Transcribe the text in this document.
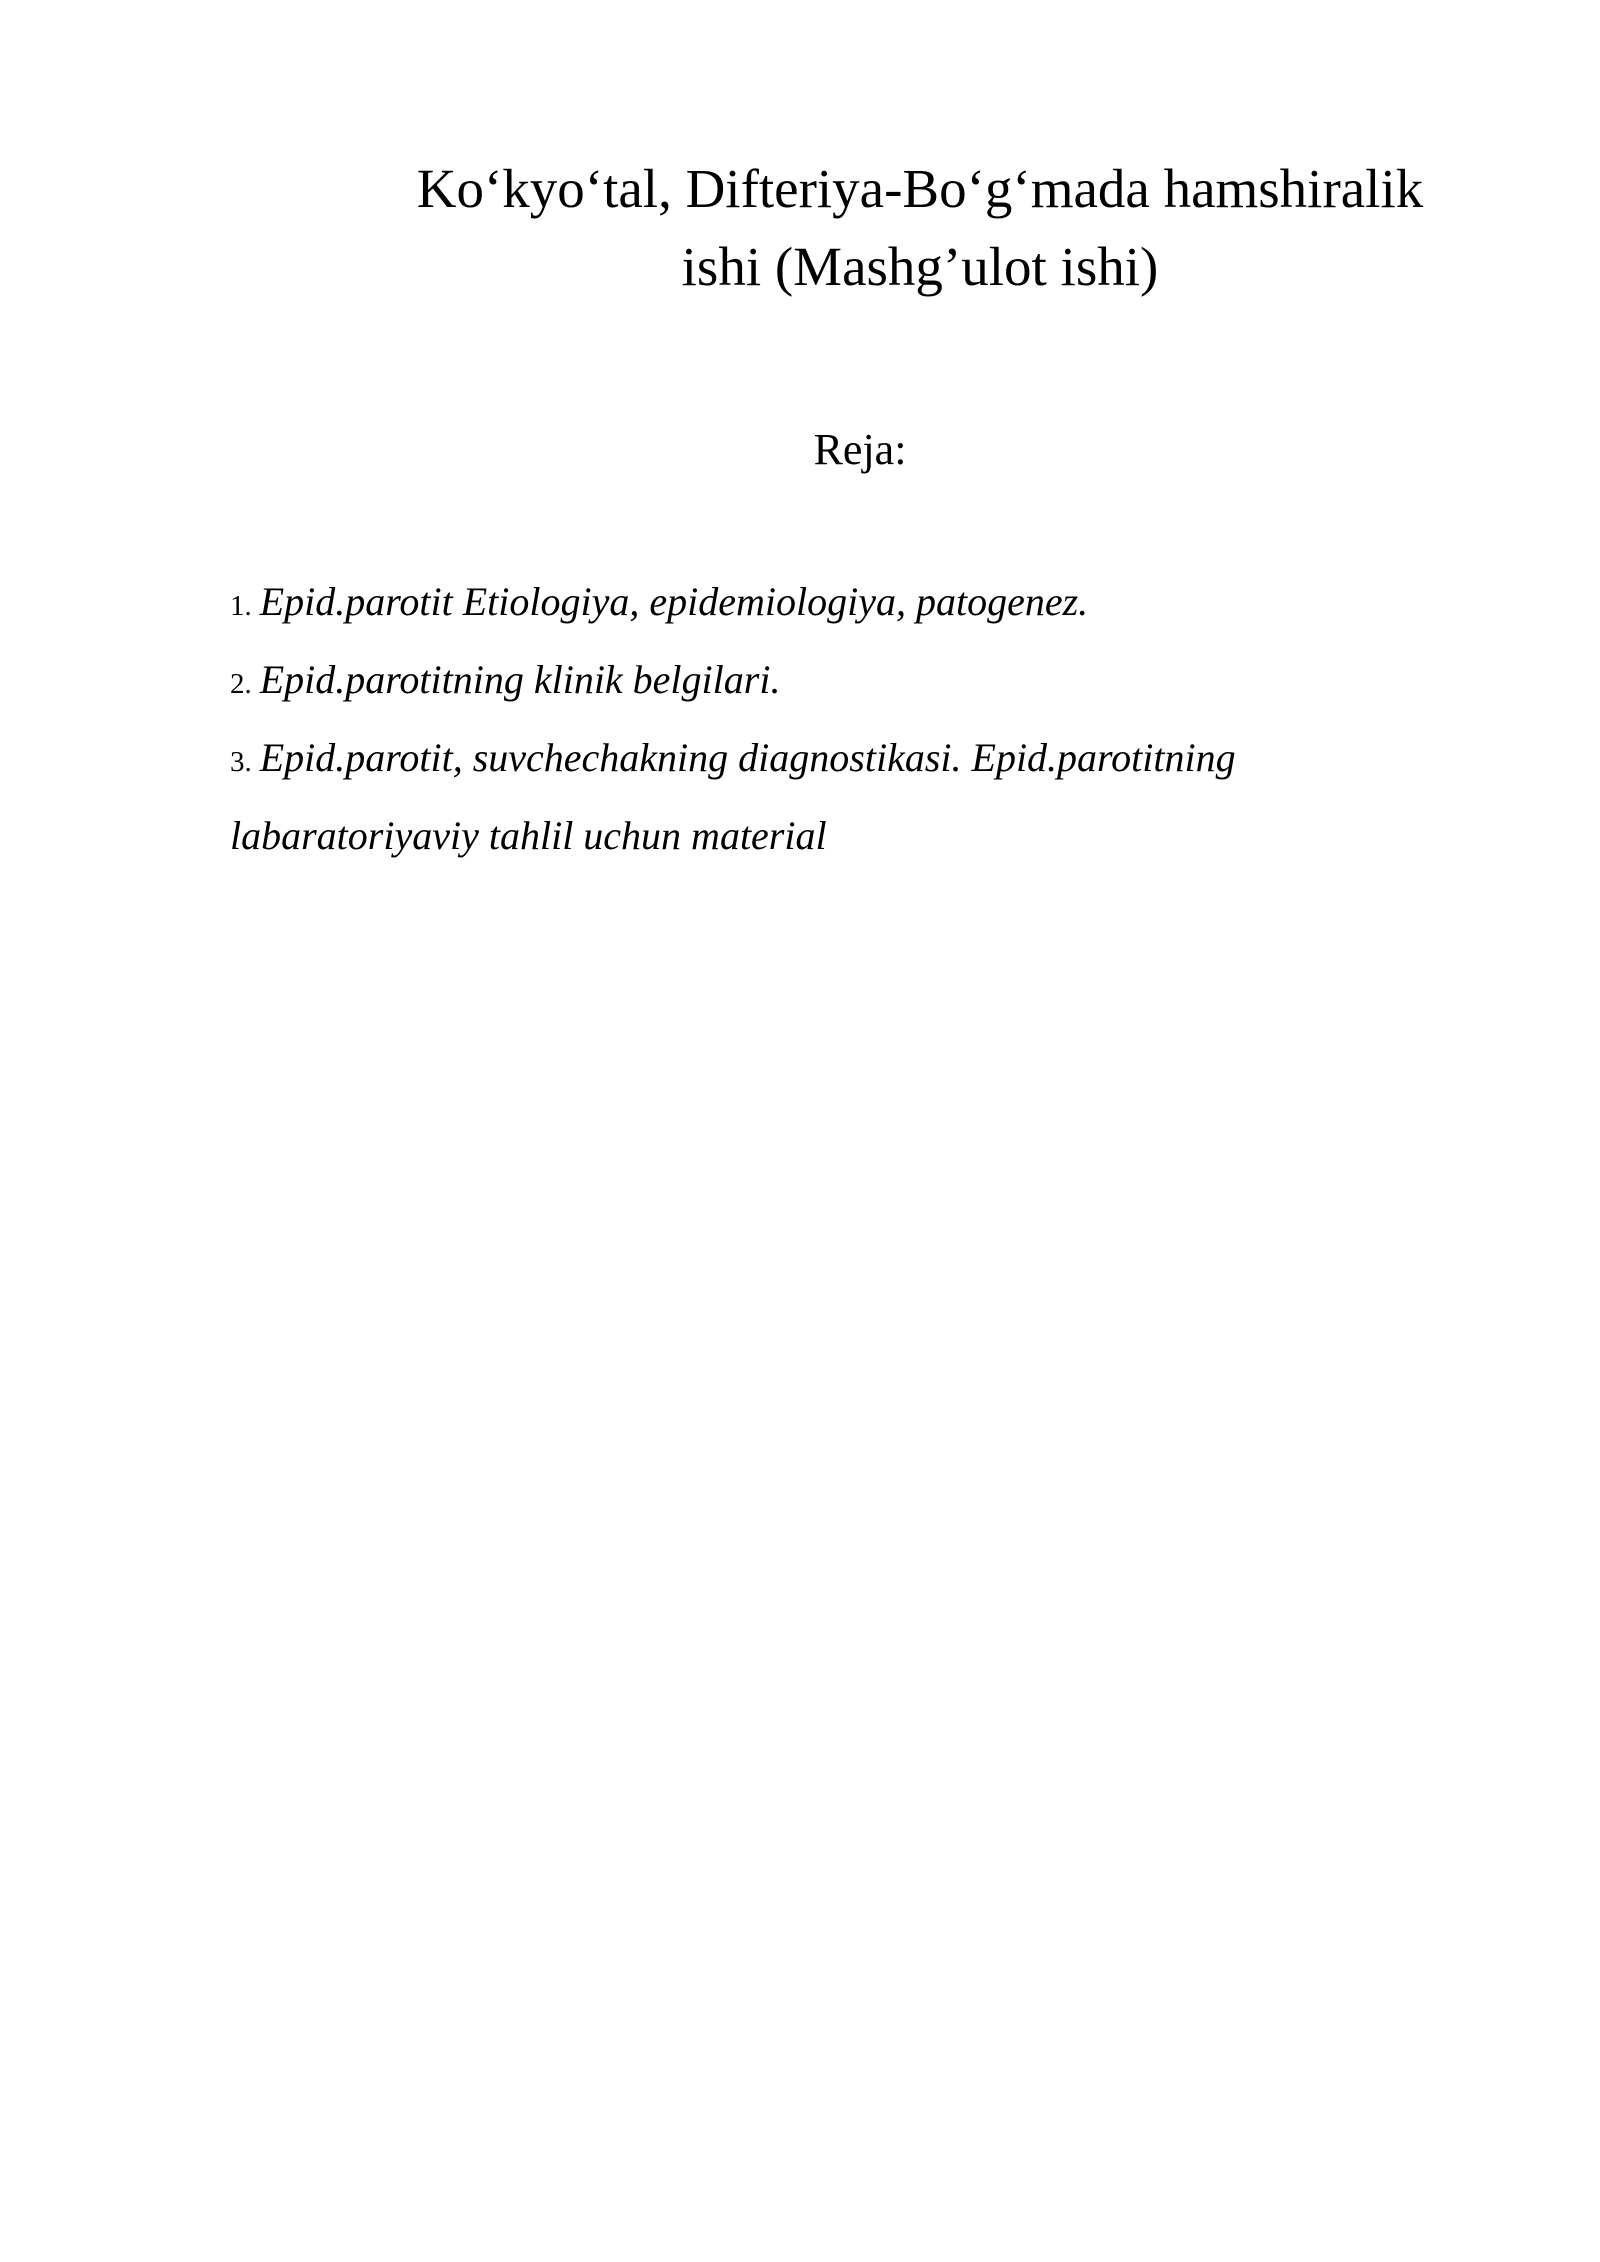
Ko‘kyo‘tal, Difteriya-Bo‘g‘mada hamshiralik
ishi (Mashg’ulot ishi)
Reja:
1. Epid.parotit Etiologiya, epidemiologiya, patogenez.
2. Epid.parotitning klinik belgilari.
3. Epid.parotit, suvchechakning diagnostikasi. Epid.parotitning
labaratoriyaviy tahlil uchun material
